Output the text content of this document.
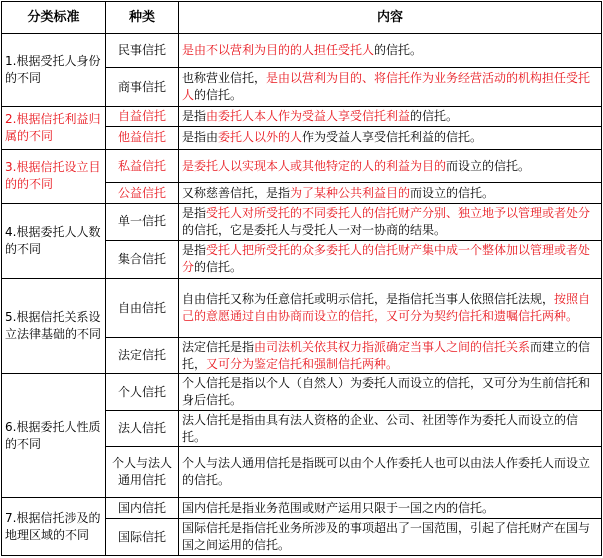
分类标准	种类	内容
1.根据受托人身份的不同	民事信托	是由不以营利为目的的人担任受托人的信托。
	商事信托	也称营业信托，是由以营利为目的、将信托作为业务经营活动的机构担任受托人的信托。
2.根据信托利益归属的不同	自益信托	是指由委托人本人作为受益人享受信托利益的信托。
	他益信托	是指由委托人以外的人作为受益人享受信托利益的信托。
3.根据信托设立目的的不同	私益信托	是委托人以实现本人或其他特定的人的利益为目的而设立的信托。
	公益信托	又称慈善信托，是指为了某种公共利益目的而设立的信托。
4.根据委托人人数的不同	单一信托	是指受托人对所受托的不同委托人的信托财产分别、独立地予以管理或者处分的信托，它是委托人与受托人一对一协商的结果。
	集合信托	是指受托人把所受托的众多委托人的信托财产集中成一个整体加以管理或者处分的信托。
5.根据信托关系设立法律基础的不同	自由信托	自由信托又称为任意信托或明示信托，是指信托当事人依照信托法规，按照自己的意愿通过自由协商而设立的信托，又可分为契约信托和遗嘱信托两种。
	法定信托	法定信托是指由司法机关依其权力指派确定当事人之间的信托关系而建立的信托，又可分为鉴定信托和强制信托两种。
6.根据委托人性质的不同	个人信托	个人信托是指以个人（自然人）为委托人而设立的信托，又可分为生前信托和身后信托。
	法人信托	法人信托是指由具有法人资格的企业、公司、社团等作为委托人而设立的信托。
	个人与法人通用信托	个人与法人通用信托是指既可以由个人作委托人也可以由法人作委托人而设立的信托。
7.根据信托涉及的地理区域的不同	国内信托	国内信托是指业务范围或财产运用只限于一国之内的信托。
	国际信托	国际信托是指信托业务所涉及的事项超出了一国范围，引起了信托财产在国与国之间运用的信托。
